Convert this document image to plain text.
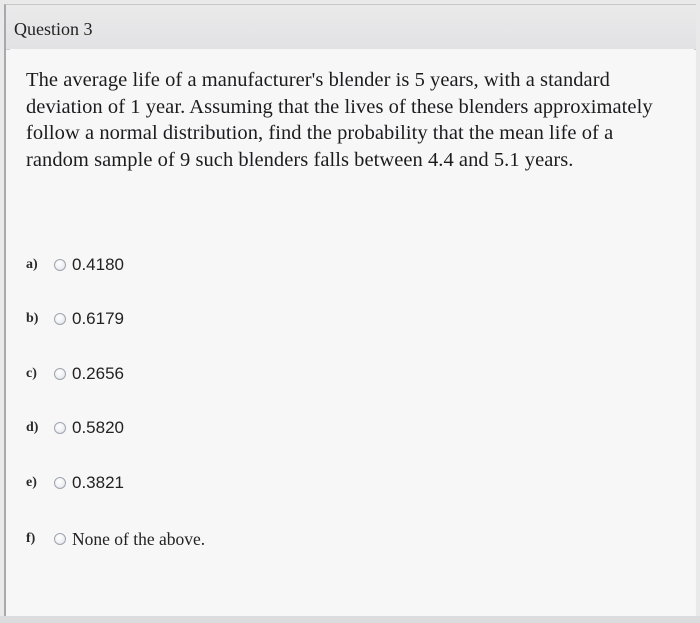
Question 3
The average life of a manufacturer's blender is 5 years, with a standard deviation of 1 year. Assuming that the lives of these blenders approximately follow a normal distribution, find the probability that the mean life of a random sample of 9 such blenders falls between 4.4 and 5.1 years.
a)	0.4180
b)	0.6179
c)	0.2656
d)	0.5820
e)	0.3821
f)	None of the above.
